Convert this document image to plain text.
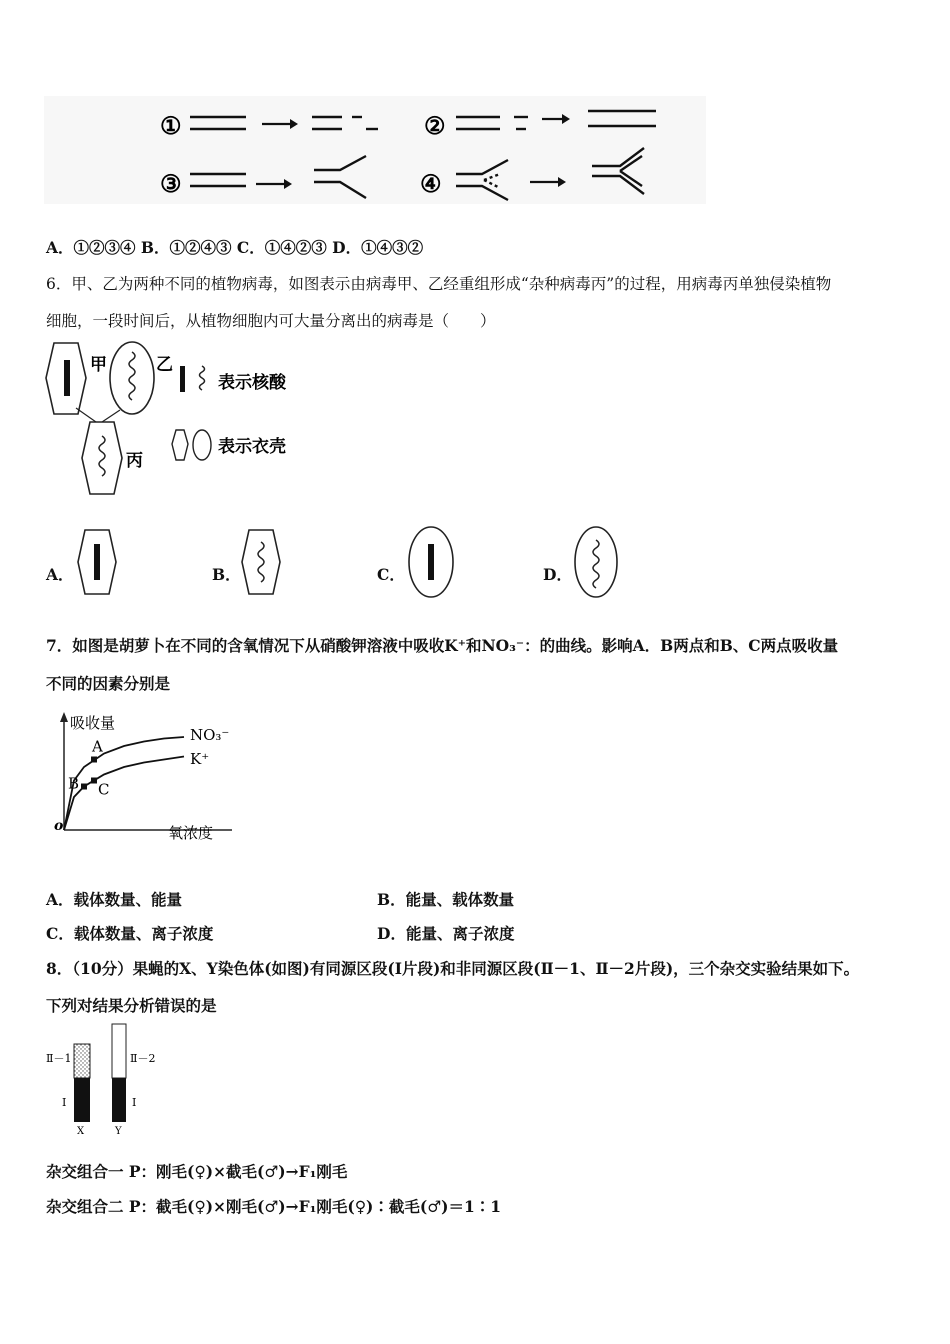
①	②
③	④
A．①②③④ B．①②④③ C．①④②③ D．①④③②
6．甲、乙为两种不同的植物病毒，如图表示由病毒甲、乙经重组形成“杂种病毒丙”的过程，用病毒丙单独侵染植物
细胞，一段时间后，从植物细胞内可大量分离出的病毒是（　　）
甲	乙
丙
表示核酸
表示衣壳
A．	B．	C．	D．
7．如图是胡萝卜在不同的含氧情况下从硝酸钾溶液中吸收K⁺和NO₃⁻：的曲线。影响A．B两点和B、C两点吸收量
不同的因素分别是
吸收量
氧浓度
o
NO₃⁻
K⁺
A
B C
A．载体数量、能量	B．能量、载体数量
C．载体数量、离子浓度	D．能量、离子浓度
8．（10分）果蝇的X、Y染色体(如图)有同源区段(Ⅰ片段)和非同源区段(Ⅱ－1、Ⅱ－2片段)，三个杂交实验结果如下。
下列对结果分析错误的是
Ⅱ－1	Ⅱ－2
Ⅰ	Ⅰ
X	Y
杂交组合一 P：刚毛(♀)×截毛(♂)→F₁刚毛
杂交组合二 P：截毛(♀)×刚毛(♂)→F₁刚毛(♀)∶截毛(♂)＝1∶1
